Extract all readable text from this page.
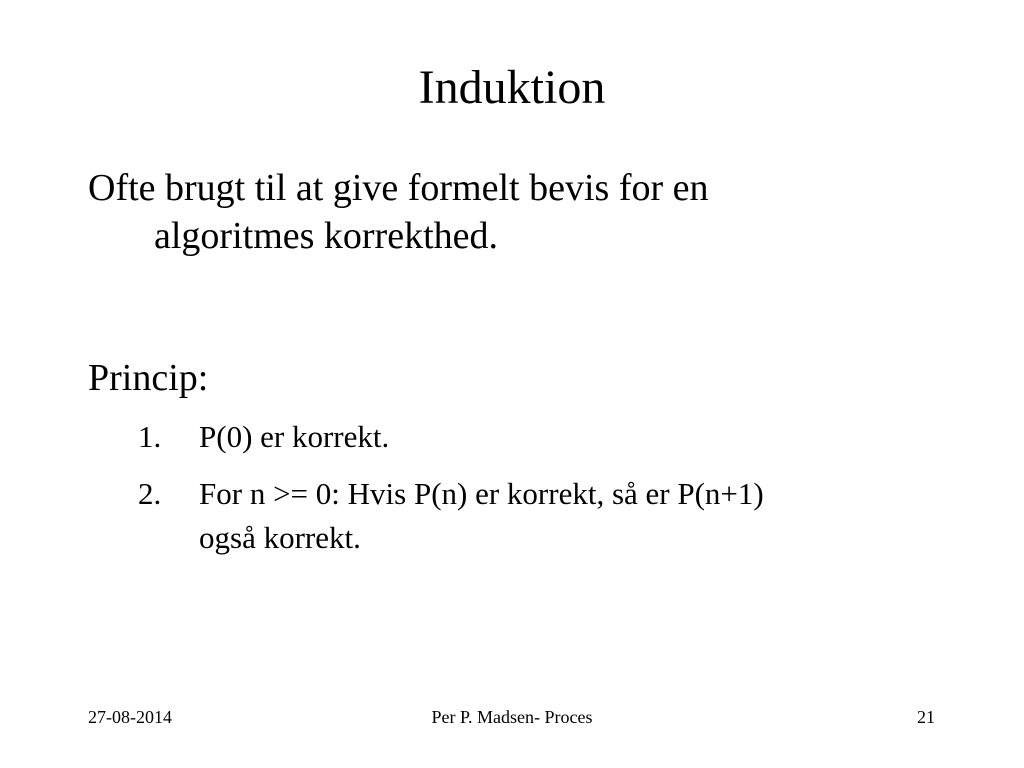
Induktion
Ofte brugt til at give formelt bevis for en
algoritmes korrekthed.
Princip:
1. P(0) er korrekt.
2. For n >= 0: Hvis P(n) er korrekt, så er P(n+1)
også korrekt.
27-08-2014	Per P. Madsen- Proces	21
